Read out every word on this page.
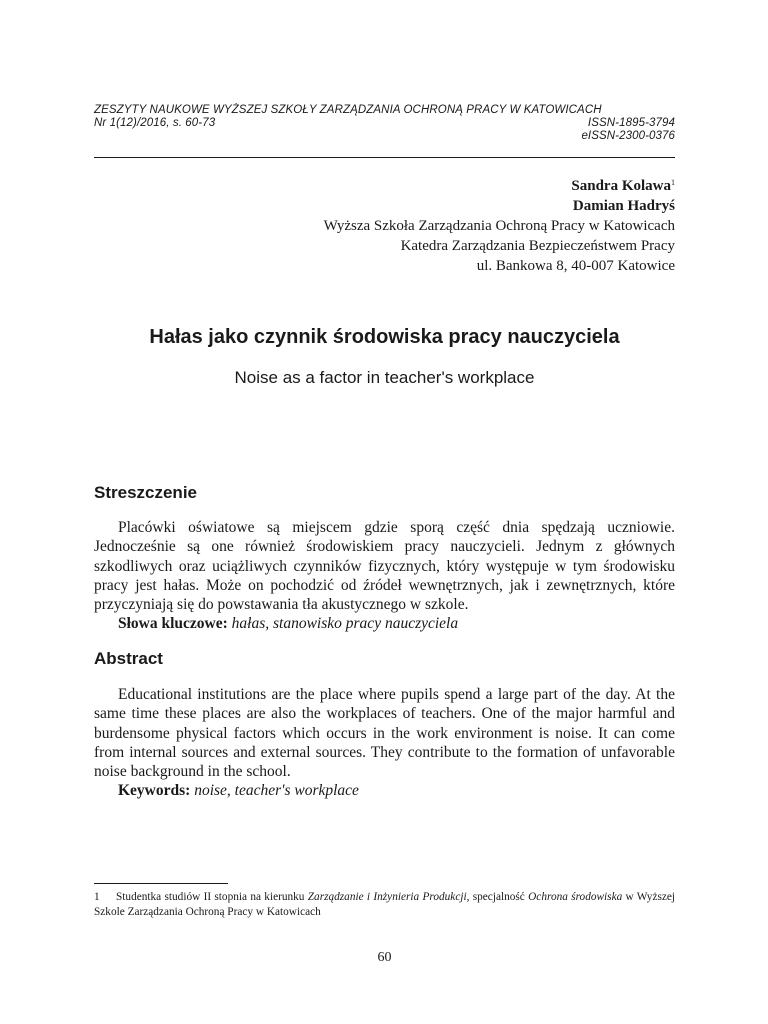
ZESZYTY NAUKOWE WYŻSZEJ SZKOŁY ZARZĄDZANIA OCHRONĄ PRACY W KATOWICACH
Nr 1(12)/2016, s. 60-73	ISSN-1895-3794
eISSN-2300-0376
Sandra Kolawa$^1$
Damian Hadryś
Wyższa Szkoła Zarządzania Ochroną Pracy w Katowicach
Katedra Zarządzania Bezpieczeństwem Pracy
ul. Bankowa 8, 40-007 Katowice
Hałas jako czynnik środowiska pracy nauczyciela
Noise as a factor in teacher's workplace
Streszczenie

Placówki oświatowe są miejscem gdzie sporą część dnia spędzają uczniowie. Jednocześnie są one również środowiskiem pracy nauczycieli. Jednym z głównych szkodliwych oraz uciążliwych czynników fizycznych, który występuje w tym środowisku pracy jest hałas. Może on pochodzić od źródeł wewnętrznych, jak i zewnętrznych, które przyczyniają się do powstawania tła akustycznego w szkole.

Słowa kluczowe: hałas, stanowisko pracy nauczyciela
Abstract

Educational institutions are the place where pupils spend a large part of the day. At the same time these places are also the workplaces of teachers. One of the major harmful and burdensome physical factors which occurs in the work environment is noise. It can come from internal sources and external sources. They contribute to the formation of unfavorable noise background in the school.

Keywords: noise, teacher's workplace
1 Studentka studiów II stopnia na kierunku Zarządzanie i Inżynieria Produkcji, specjalność Ochrona środowiska w Wyższej Szkole Zarządzania Ochroną Pracy w Katowicach
60
